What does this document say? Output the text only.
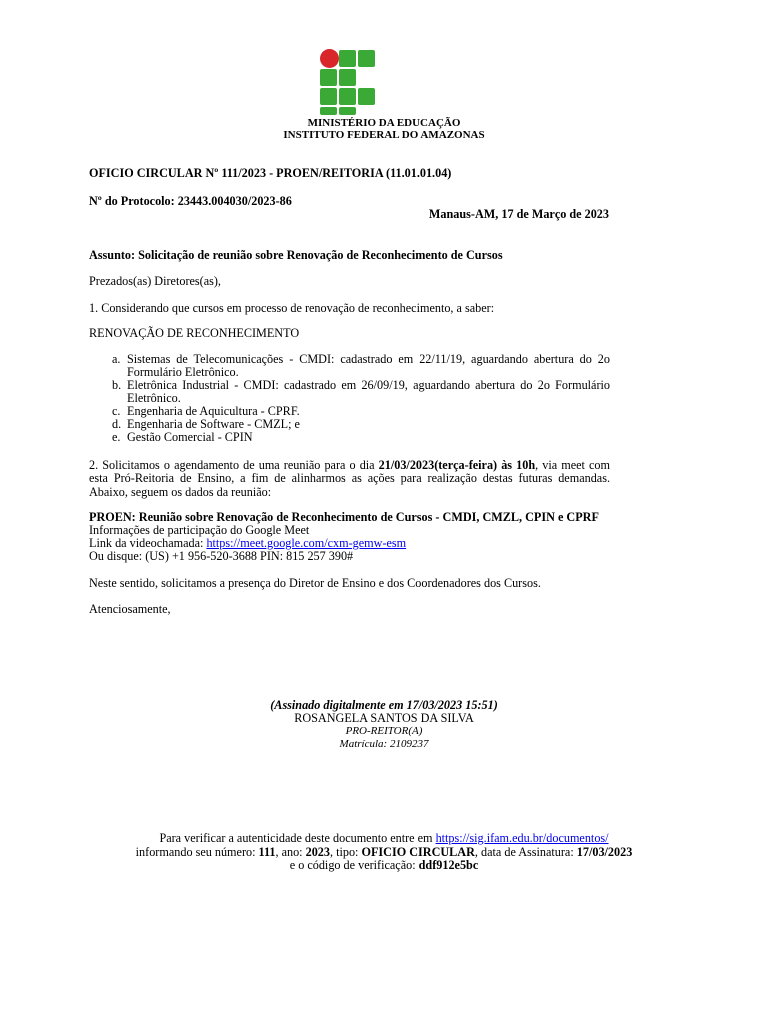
MINISTÉRIO DA EDUCAÇÃO
INSTITUTO FEDERAL DO AMAZONAS
OFICIO CIRCULAR Nº 111/2023 - PROEN/REITORIA (11.01.01.04)
Nº do Protocolo: 23443.004030/2023-86
Manaus-AM, 17 de Março de 2023
Assunto: Solicitação de reunião sobre Renovação de Reconhecimento de Cursos
Prezados(as) Diretores(as),
1. Considerando que cursos em processo de renovação de reconhecimento, a saber:
RENOVAÇÃO DE RECONHECIMENTO
a. Sistemas de Telecomunicações - CMDI: cadastrado em 22/11/19, aguardando abertura do 2o Formulário Eletrônico.
b. Eletrônica Industrial - CMDI: cadastrado em 26/09/19, aguardando abertura do 2o Formulário Eletrônico.
c. Engenharia de Aquicultura - CPRF.
d. Engenharia de Software - CMZL; e
e. Gestão Comercial - CPIN
2. Solicitamos o agendamento de uma reunião para o dia 21/03/2023(terça-feira) às 10h, via meet com esta Pró-Reitoria de Ensino, a fim de alinharmos as ações para realização destas futuras demandas. Abaixo, seguem os dados da reunião:
PROEN: Reunião sobre Renovação de Reconhecimento de Cursos - CMDI, CMZL, CPIN e CPRF
Informações de participação do Google Meet
Link da videochamada: https://meet.google.com/cxm-gemw-esm
Ou disque: (US) +1 956-520-3688 PIN: 815 257 390#
Neste sentido, solicitamos a presença do Diretor de Ensino e dos Coordenadores dos Cursos.
Atenciosamente,
(Assinado digitalmente em 17/03/2023 15:51)
ROSANGELA SANTOS DA SILVA
PRO-REITOR(A)
Matrícula: 2109237
Para verificar a autenticidade deste documento entre em https://sig.ifam.edu.br/documentos/
informando seu número: 111, ano: 2023, tipo: OFICIO CIRCULAR, data de Assinatura: 17/03/2023
e o código de verificação: ddf912e5bc
